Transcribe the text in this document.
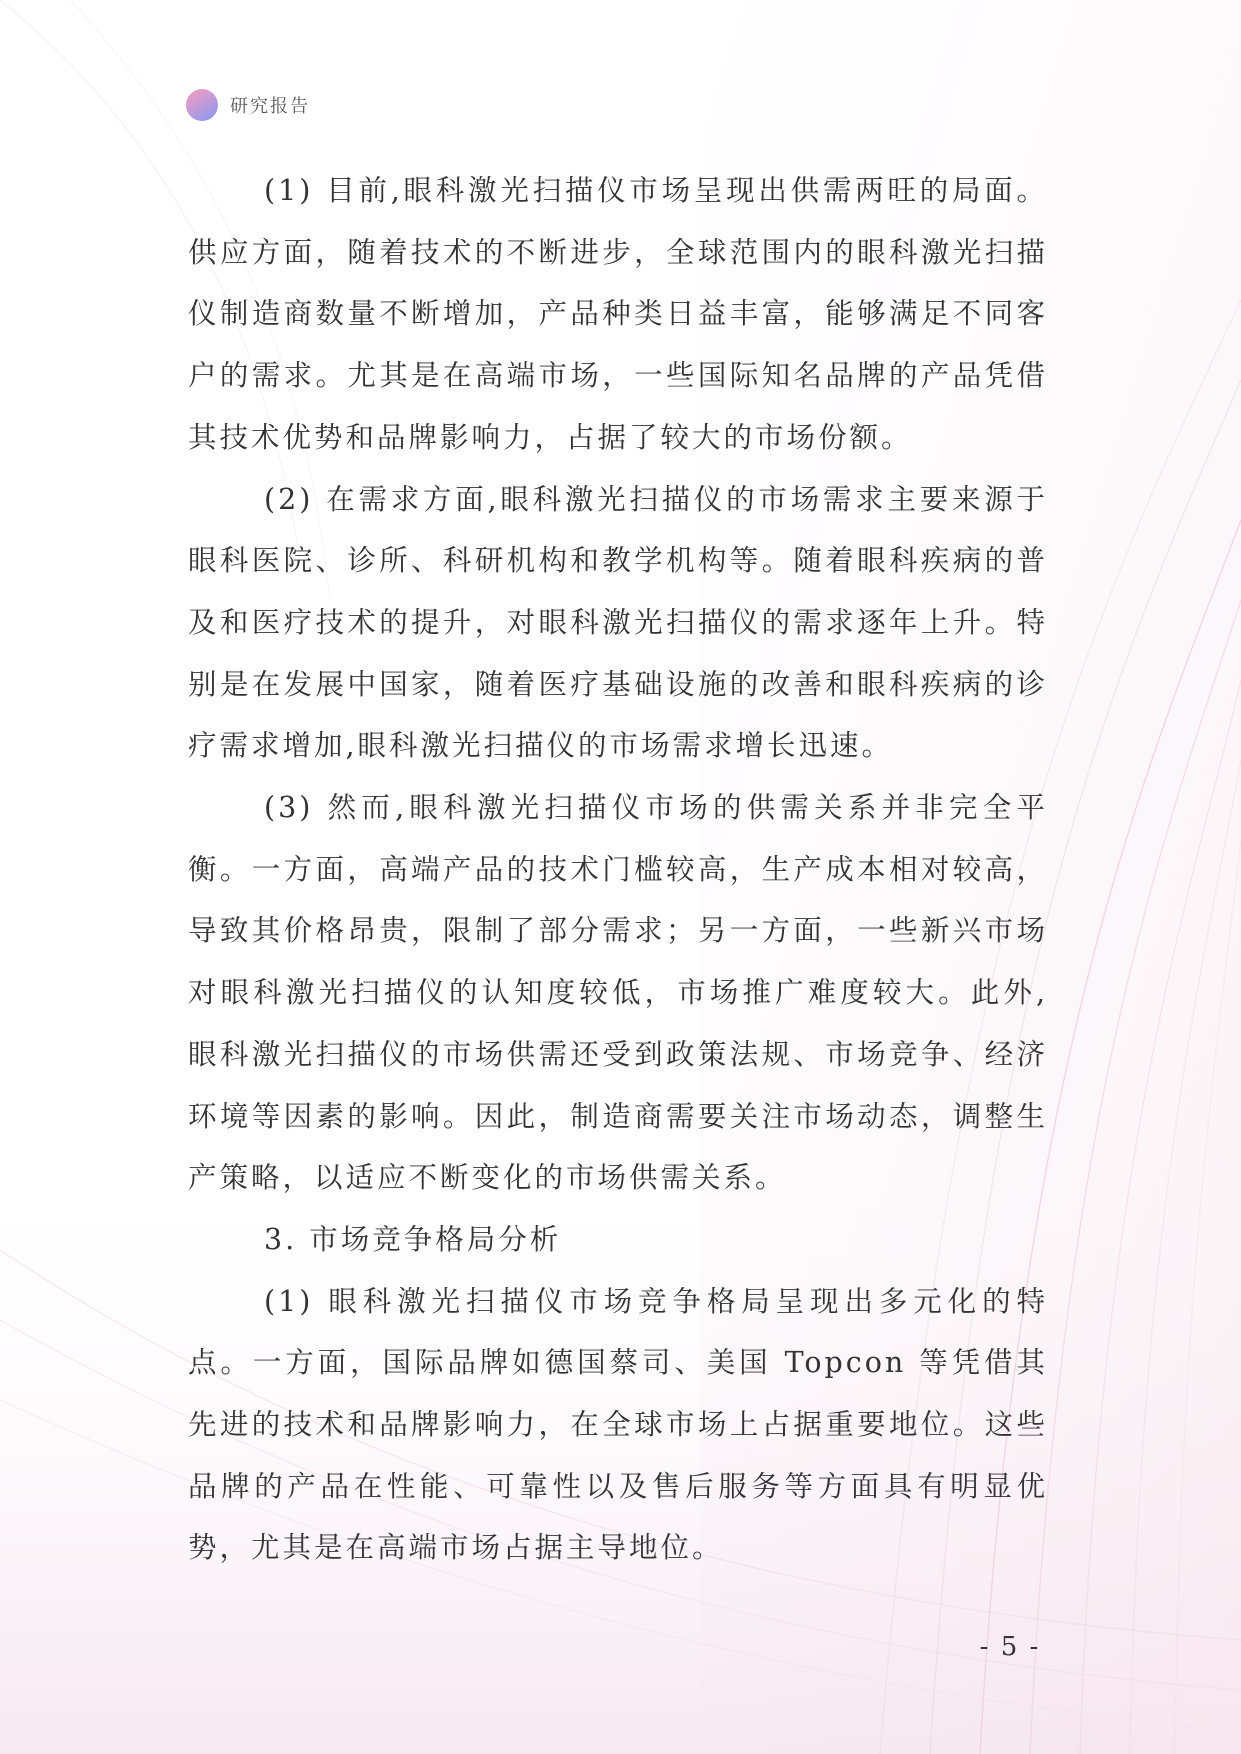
研究报告

(1) 目前,眼科激光扫描仪市场呈现出供需两旺的局面。供应方面，随着技术的不断进步，全球范围内的眼科激光扫描仪制造商数量不断增加，产品种类日益丰富，能够满足不同客户的需求。尤其是在高端市场，一些国际知名品牌的产品凭借其技术优势和品牌影响力，占据了较大的市场份额。

(2) 在需求方面,眼科激光扫描仪的市场需求主要来源于眼科医院、诊所、科研机构和教学机构等。随着眼科疾病的普及和医疗技术的提升，对眼科激光扫描仪的需求逐年上升。特别是在发展中国家，随着医疗基础设施的改善和眼科疾病的诊疗需求增加,眼科激光扫描仪的市场需求增长迅速。

(3) 然而,眼科激光扫描仪市场的供需关系并非完全平衡。一方面，高端产品的技术门槛较高，生产成本相对较高，导致其价格昂贵，限制了部分需求；另一方面，一些新兴市场对眼科激光扫描仪的认知度较低，市场推广难度较大。此外,眼科激光扫描仪的市场供需还受到政策法规、市场竞争、经济环境等因素的影响。因此，制造商需要关注市场动态，调整生产策略，以适应不断变化的市场供需关系。

3. 市场竞争格局分析

(1) 眼科激光扫描仪市场竞争格局呈现出多元化的特点。一方面，国际品牌如德国蔡司、美国 Topcon 等凭借其先进的技术和品牌影响力，在全球市场上占据重要地位。这些品牌的产品在性能、可靠性以及售后服务等方面具有明显优势，尤其是在高端市场占据主导地位。

- 5 -
